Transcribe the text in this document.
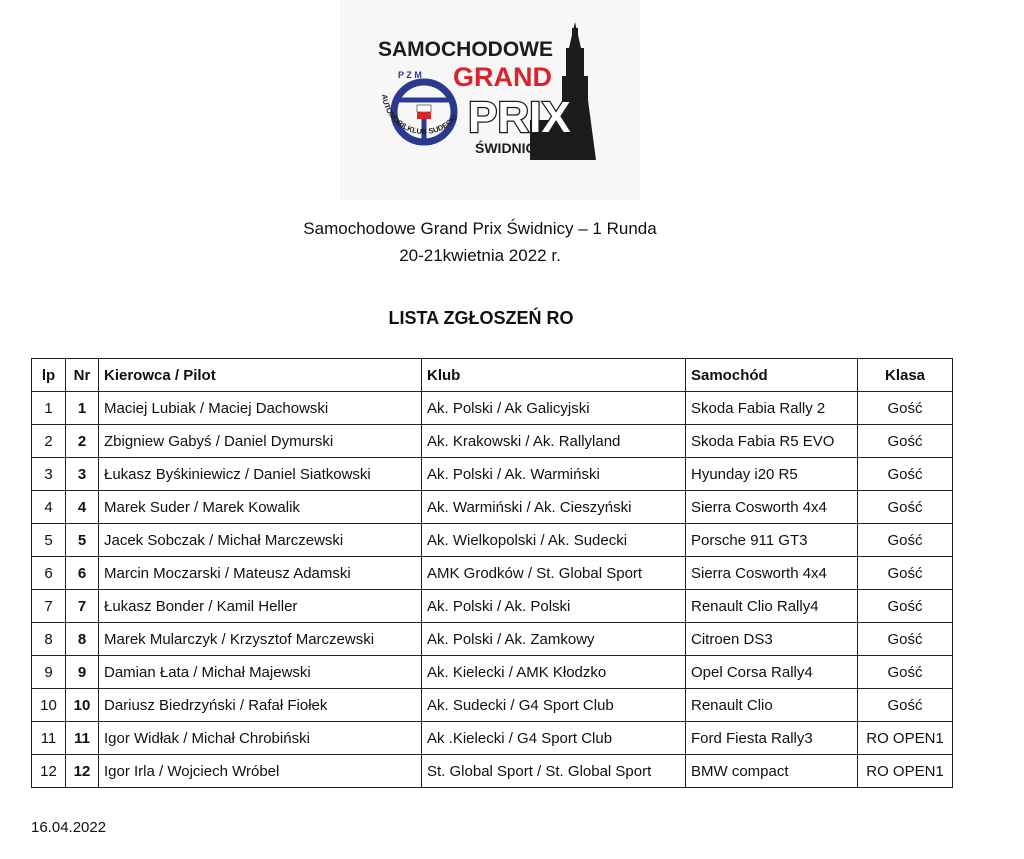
P Z M
AUTOMOBILKLUB SUDECKI
SAMOCHODOWE
GRAND
PRIX
ŚWIDNICY
Samochodowe Grand Prix Świdnicy – 1 Runda
20-21kwietnia 2022 r.
LISTA ZGŁOSZEŃ RO
lp	Nr	Kierowca / Pilot	Klub	Samochód	Klasa
1	1	Maciej Lubiak / Maciej Dachowski	Ak. Polski / Ak Galicyjski	Skoda Fabia Rally 2	Gość
2	2	Zbigniew Gabyś / Daniel Dymurski	Ak. Krakowski / Ak. Rallyland	Skoda Fabia R5 EVO	Gość
3	3	Łukasz Byśkiniewicz / Daniel Siatkowski	Ak. Polski / Ak. Warmiński	Hyunday i20 R5	Gość
4	4	Marek Suder / Marek Kowalik	Ak. Warmiński / Ak. Cieszyński	Sierra Cosworth 4x4	Gość
5	5	Jacek Sobczak / Michał Marczewski	Ak. Wielkopolski / Ak. Sudecki	Porsche 911 GT3	Gość
6	6	Marcin Moczarski / Mateusz Adamski	AMK Grodków / St. Global Sport	Sierra Cosworth 4x4	Gość
7	7	Łukasz Bonder / Kamil Heller	Ak. Polski / Ak. Polski	Renault Clio Rally4	Gość
8	8	Marek Mularczyk / Krzysztof Marczewski	Ak. Polski / Ak. Zamkowy	Citroen DS3	Gość
9	9	Damian Łata / Michał Majewski	Ak. Kielecki / AMK Kłodzko	Opel Corsa Rally4	Gość
10	10	Dariusz Biedrzyński / Rafał Fiołek	Ak. Sudecki / G4 Sport Club	Renault Clio	Gość
11	11	Igor Widłak / Michał Chrobiński	Ak .Kielecki / G4 Sport Club	Ford Fiesta Rally3	RO OPEN1
12	12	Igor Irla / Wojciech Wróbel	St. Global Sport / St. Global Sport	BMW compact	RO OPEN1
16.04.2022
